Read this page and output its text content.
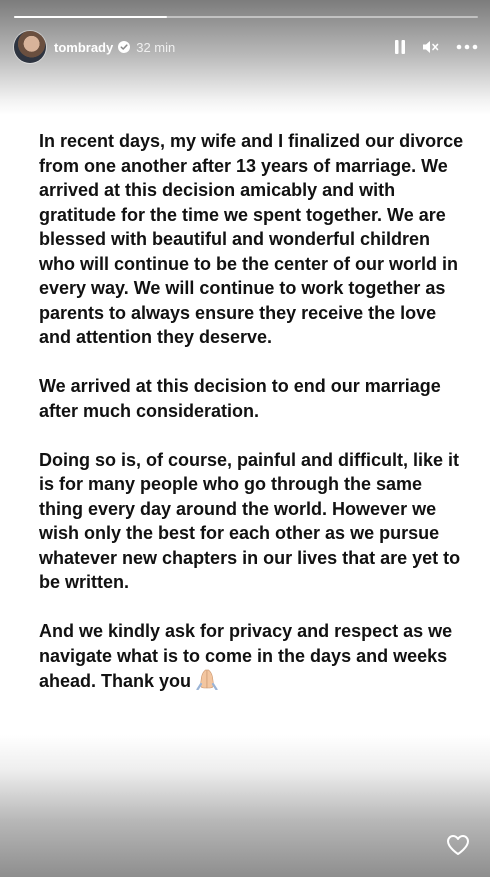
tombrady 32 min

In recent days, my wife and I finalized our divorce from one another after 13 years of marriage. We arrived at this decision amicably and with gratitude for the time we spent together. We are blessed with beautiful and wonderful children who will continue to be the center of our world in every way. We will continue to work together as parents to always ensure they receive the love and attention they deserve.

We arrived at this decision to end our marriage after much consideration.

Doing so is, of course, painful and difficult, like it is for many people who go through the same thing every day around the world. However we wish only the best for each other as we pursue whatever new chapters in our lives that are yet to be written.

And we kindly ask for privacy and respect as we navigate what is to come in the days and weeks ahead. Thank you
